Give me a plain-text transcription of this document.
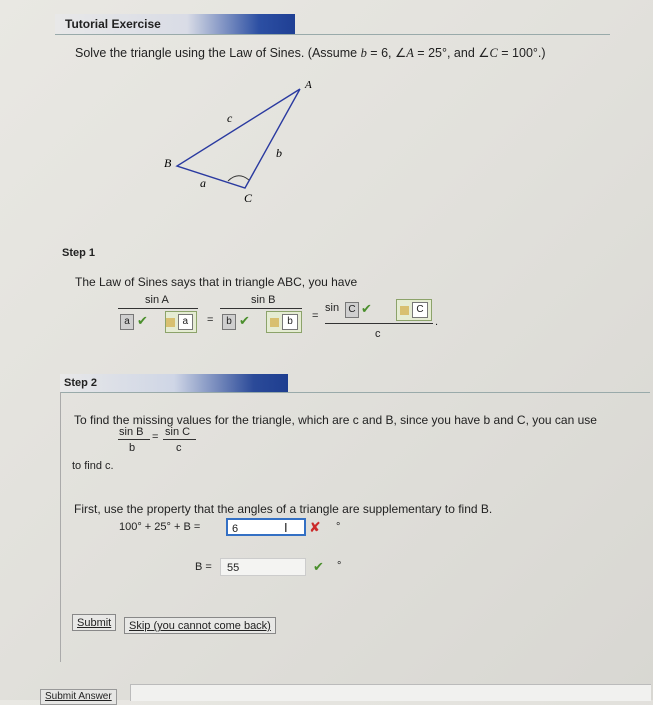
Tutorial Exercise
Solve the triangle using the Law of Sines. (Assume b = 6, ∠A = 25°, and ∠C = 100°.)
A
B
C
a
b
c
Step 1
The Law of Sines says that in triangle ABC, you have
sin A
a ✔	a	=
sin B
b ✔	b	=
sin C ✔	C
c
.
Step 2
To find the missing values for the triangle, which are c and B, since you have b and C, you can use
sin B
b
= sin C
c
to find c.
First, use the property that the angles of a triangle are supplementary to find B.
100° + 25° + B =	6	I ✘ °
B =	55	✔ °
Submit	Skip (you cannot come back)
Submit Answer
